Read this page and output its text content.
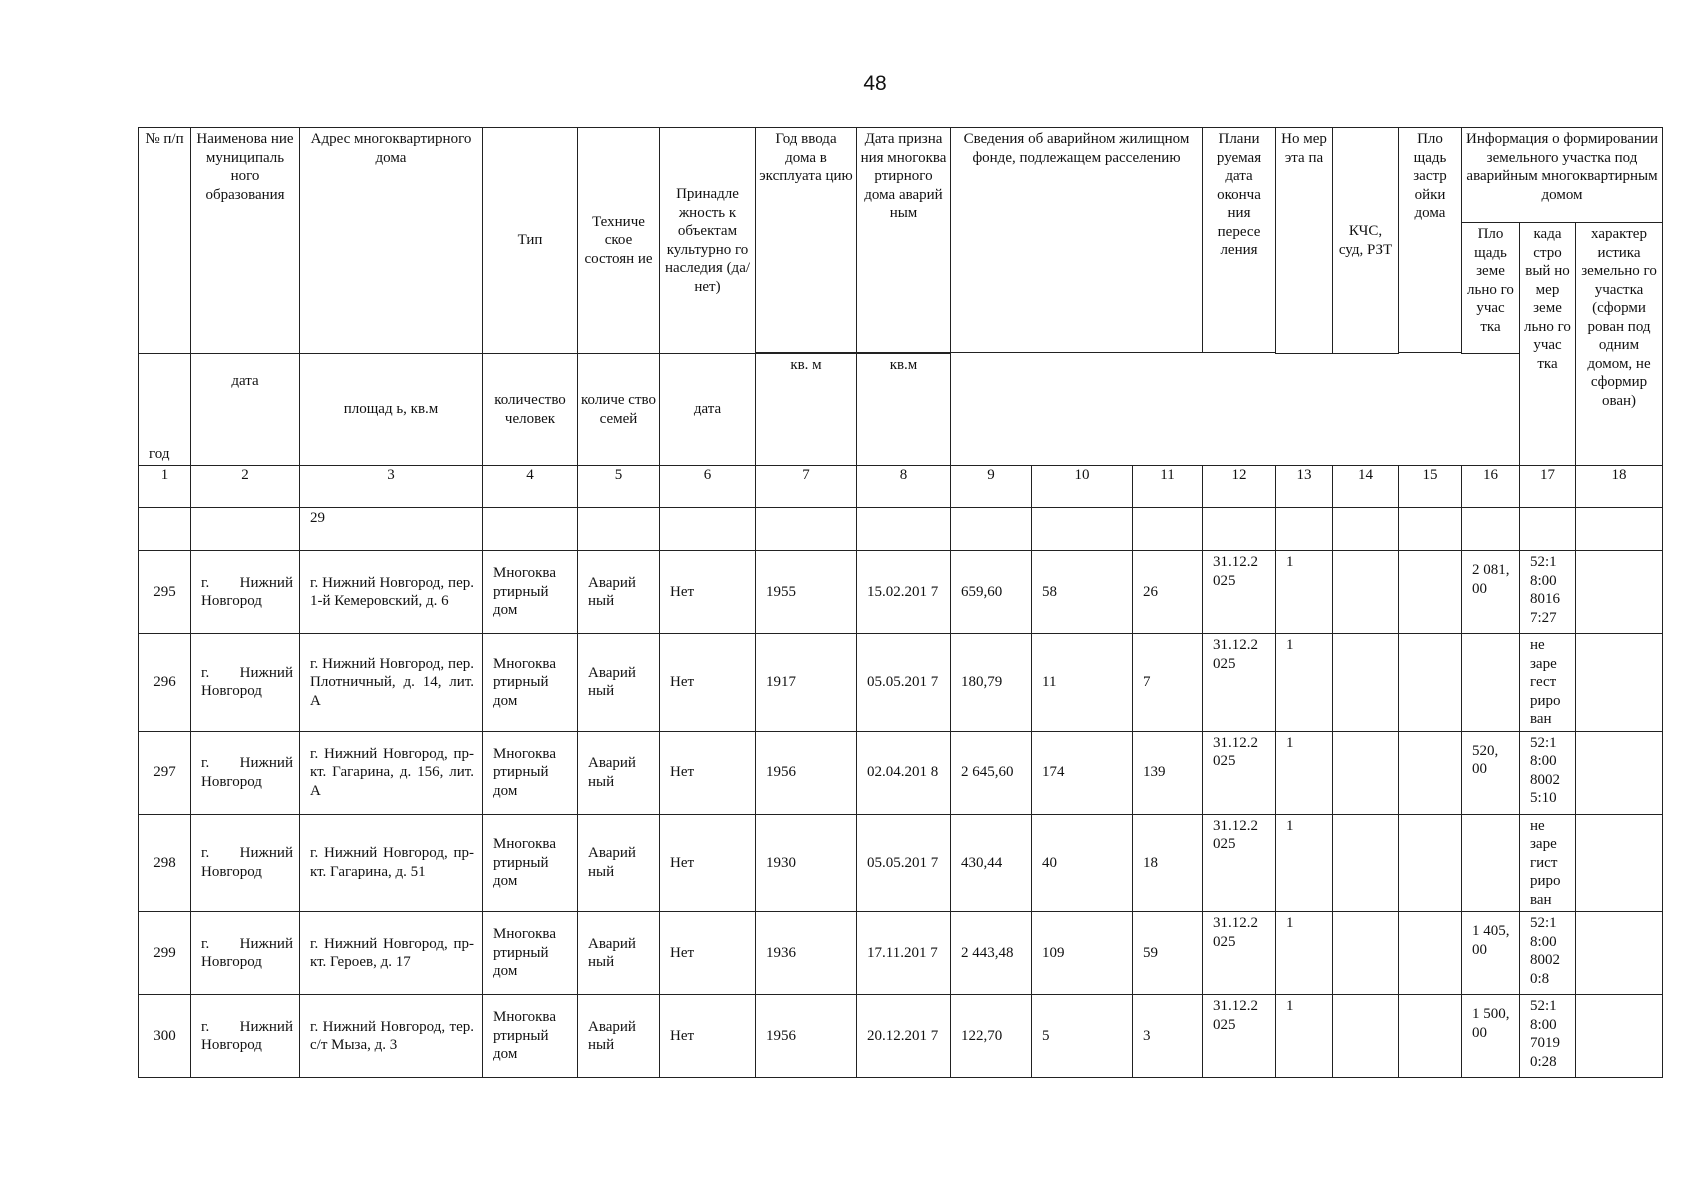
48
№ п/п	Наименова ние муниципаль ного образования	Адрес многоквартирного дома	Тип	Техниче ское состоян ие	Принадле жность к объектам культурно го наследия (да/нет)	Год ввода дома в эксплуата цию	Дата призна ния многоква ртирного дома аварий ным	Сведения об аварийном жилищном фонде, подлежащем расселению			Плани руемая дата оконча ния пересе ления	Но мер эта па	КЧС, суд, РЗТ	Пло щадь застр ойки дома	Информация о формировании земельного участка под аварийным многоквартирным домом		
															Пло щадь земе льно го учас тка	када стро вый но мер земе льно го учас тка	характер истика земельно го участка (сформи рован под одним домом, не сформир ован)

год	дата	площад ь, кв.м	количество человек	количе ство семей	дата	кв. м	кв.м										
1	2	3	4	5	6	7	8	9	10	11	12	13	14	15	16	17	18
		29															
295	г. Нижний Новгород	г. Нижний Новгород, пер. 1-й Кемеровский, д. 6	Многоква ртирный дом	Аварий ный	Нет	1955	15.02.201 7	659,60	58	26	31.12.2 025	1			2 081, 00	52:1 8:00 8016 7:27	
296	г. Нижний Новгород	г. Нижний Новгород, пер. Плотничный, д. 14, лит. А	Многоква ртирный дом	Аварий ный	Нет	1917	05.05.201 7	180,79	11	7	31.12.2 025	1				не заре гест риро ван	
297	г. Нижний Новгород	г. Нижний Новгород, пр-кт. Гагарина, д. 156, лит. А	Многоква ртирный дом	Аварий ный	Нет	1956	02.04.201 8	2 645,60	174	139	31.12.2 025	1			520, 00	52:1 8:00 8002 5:10	
298	г. Нижний Новгород	г. Нижний Новгород, пр-кт. Гагарина, д. 51	Многоква ртирный дом	Аварий ный	Нет	1930	05.05.201 7	430,44	40	18	31.12.2 025	1				не заре гист риро ван	
299	г. Нижний Новгород	г. Нижний Новгород, пр-кт. Героев, д. 17	Многоква ртирный дом	Аварий ный	Нет	1936	17.11.201 7	2 443,48	109	59	31.12.2 025	1			1 405, 00	52:1 8:00 8002 0:8	
300	г. Нижний Новгород	г. Нижний Новгород, тер. с/т Мыза, д. 3	Многоква ртирный дом	Аварий ный	Нет	1956	20.12.201 7	122,70	5	3	31.12.2 025	1			1 500, 00	52:1 8:00 7019 0:28	
